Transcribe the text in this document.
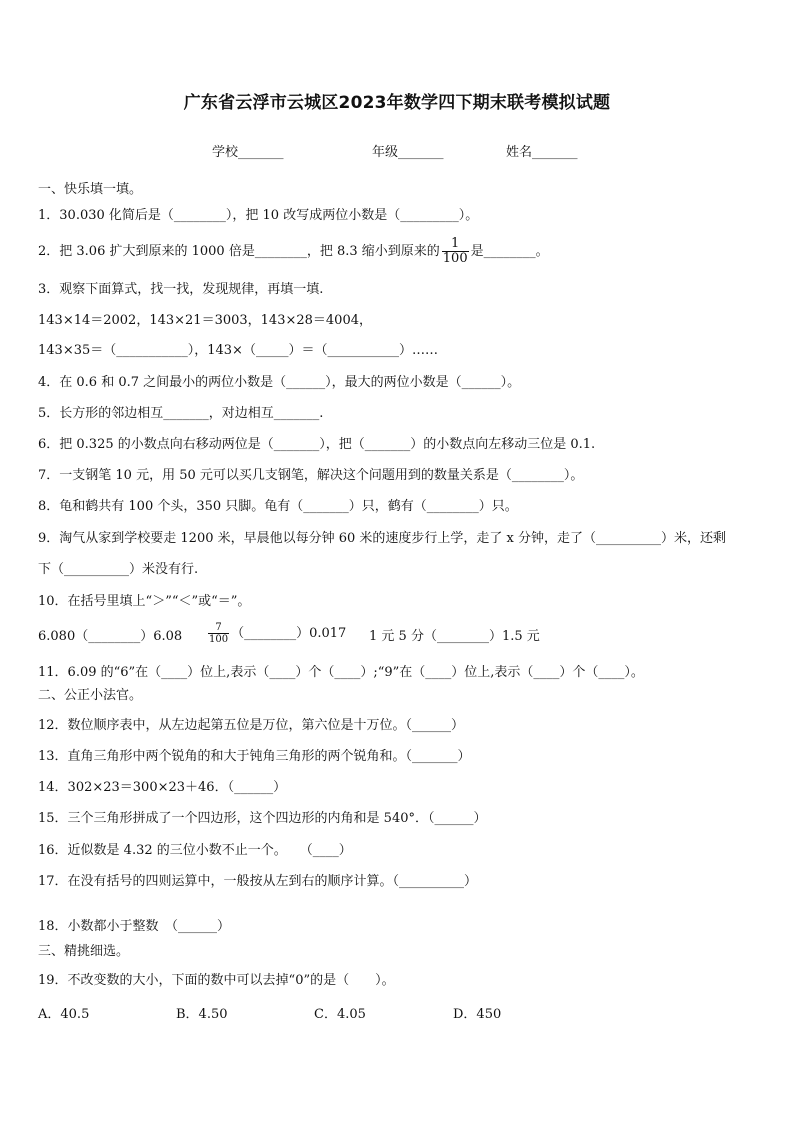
广东省云浮市云城区2023年数学四下期末联考模拟试题
学校_______	年级_______	姓名_______
一、快乐填一填。
1．30.030 化简后是（________），把 10 改写成两位小数是（_________）。
2．把 3.06 扩大到原来的 1000 倍是________，把 8.3 缩小到原来的 $\frac{1}{100}$ 是________。
3．观察下面算式，找一找，发现规律，再填一填.
143×14＝2002，143×21＝3003，143×28＝4004，
143×35＝（___________），143×（_____）＝（___________）……
4．在 0.6 和 0.7 之间最小的两位小数是（______），最大的两位小数是（______）。
5．长方形的邻边相互_______，对边相互_______.
6．把 0.325 的小数点向右移动两位是（_______），把（_______）的小数点向左移动三位是 0.1.
7．一支钢笔 10 元，用 50 元可以买几支钢笔，解决这个问题用到的数量关系是（________）。
8．龟和鹤共有 100 个头，350 只脚。龟有（_______）只，鹤有（________）只。
9．淘气从家到学校要走 1200 米，早晨他以每分钟 60 米的速度步行上学，走了 x 分钟，走了（__________）米，还剩
下（__________）米没有行.
10．在括号里填上“＞”“＜”或“＝”。
6.080（________）6.08	$\frac{7}{100}$ （________）0.017 1 元 5 分（________）1.5 元
11．6.09 的“6”在（____）位上,表示（____）个（____）;“9”在（____）位上,表示（____）个（____）。
二、公正小法官。
12．数位顺序表中，从左边起第五位是万位，第六位是十万位。（______）
13．直角三角形中两个锐角的和大于钝角三角形的两个锐角和。（_______）
14．302×23＝300×23＋46．（______）
15．三个三角形拼成了一个四边形，这个四边形的内角和是 540°．（______）
16．近似数是 4.32 的三位小数不止一个。　　（____）
17．在没有括号的四则运算中，一般按从左到右的顺序计算。（__________）
18．小数都小于整数　（______）
三、精挑细选。
19．不改变数的大小，下面的数中可以去掉“0”的是（　　）。
A．40.5	B．4.50	C．4.05	D．450
